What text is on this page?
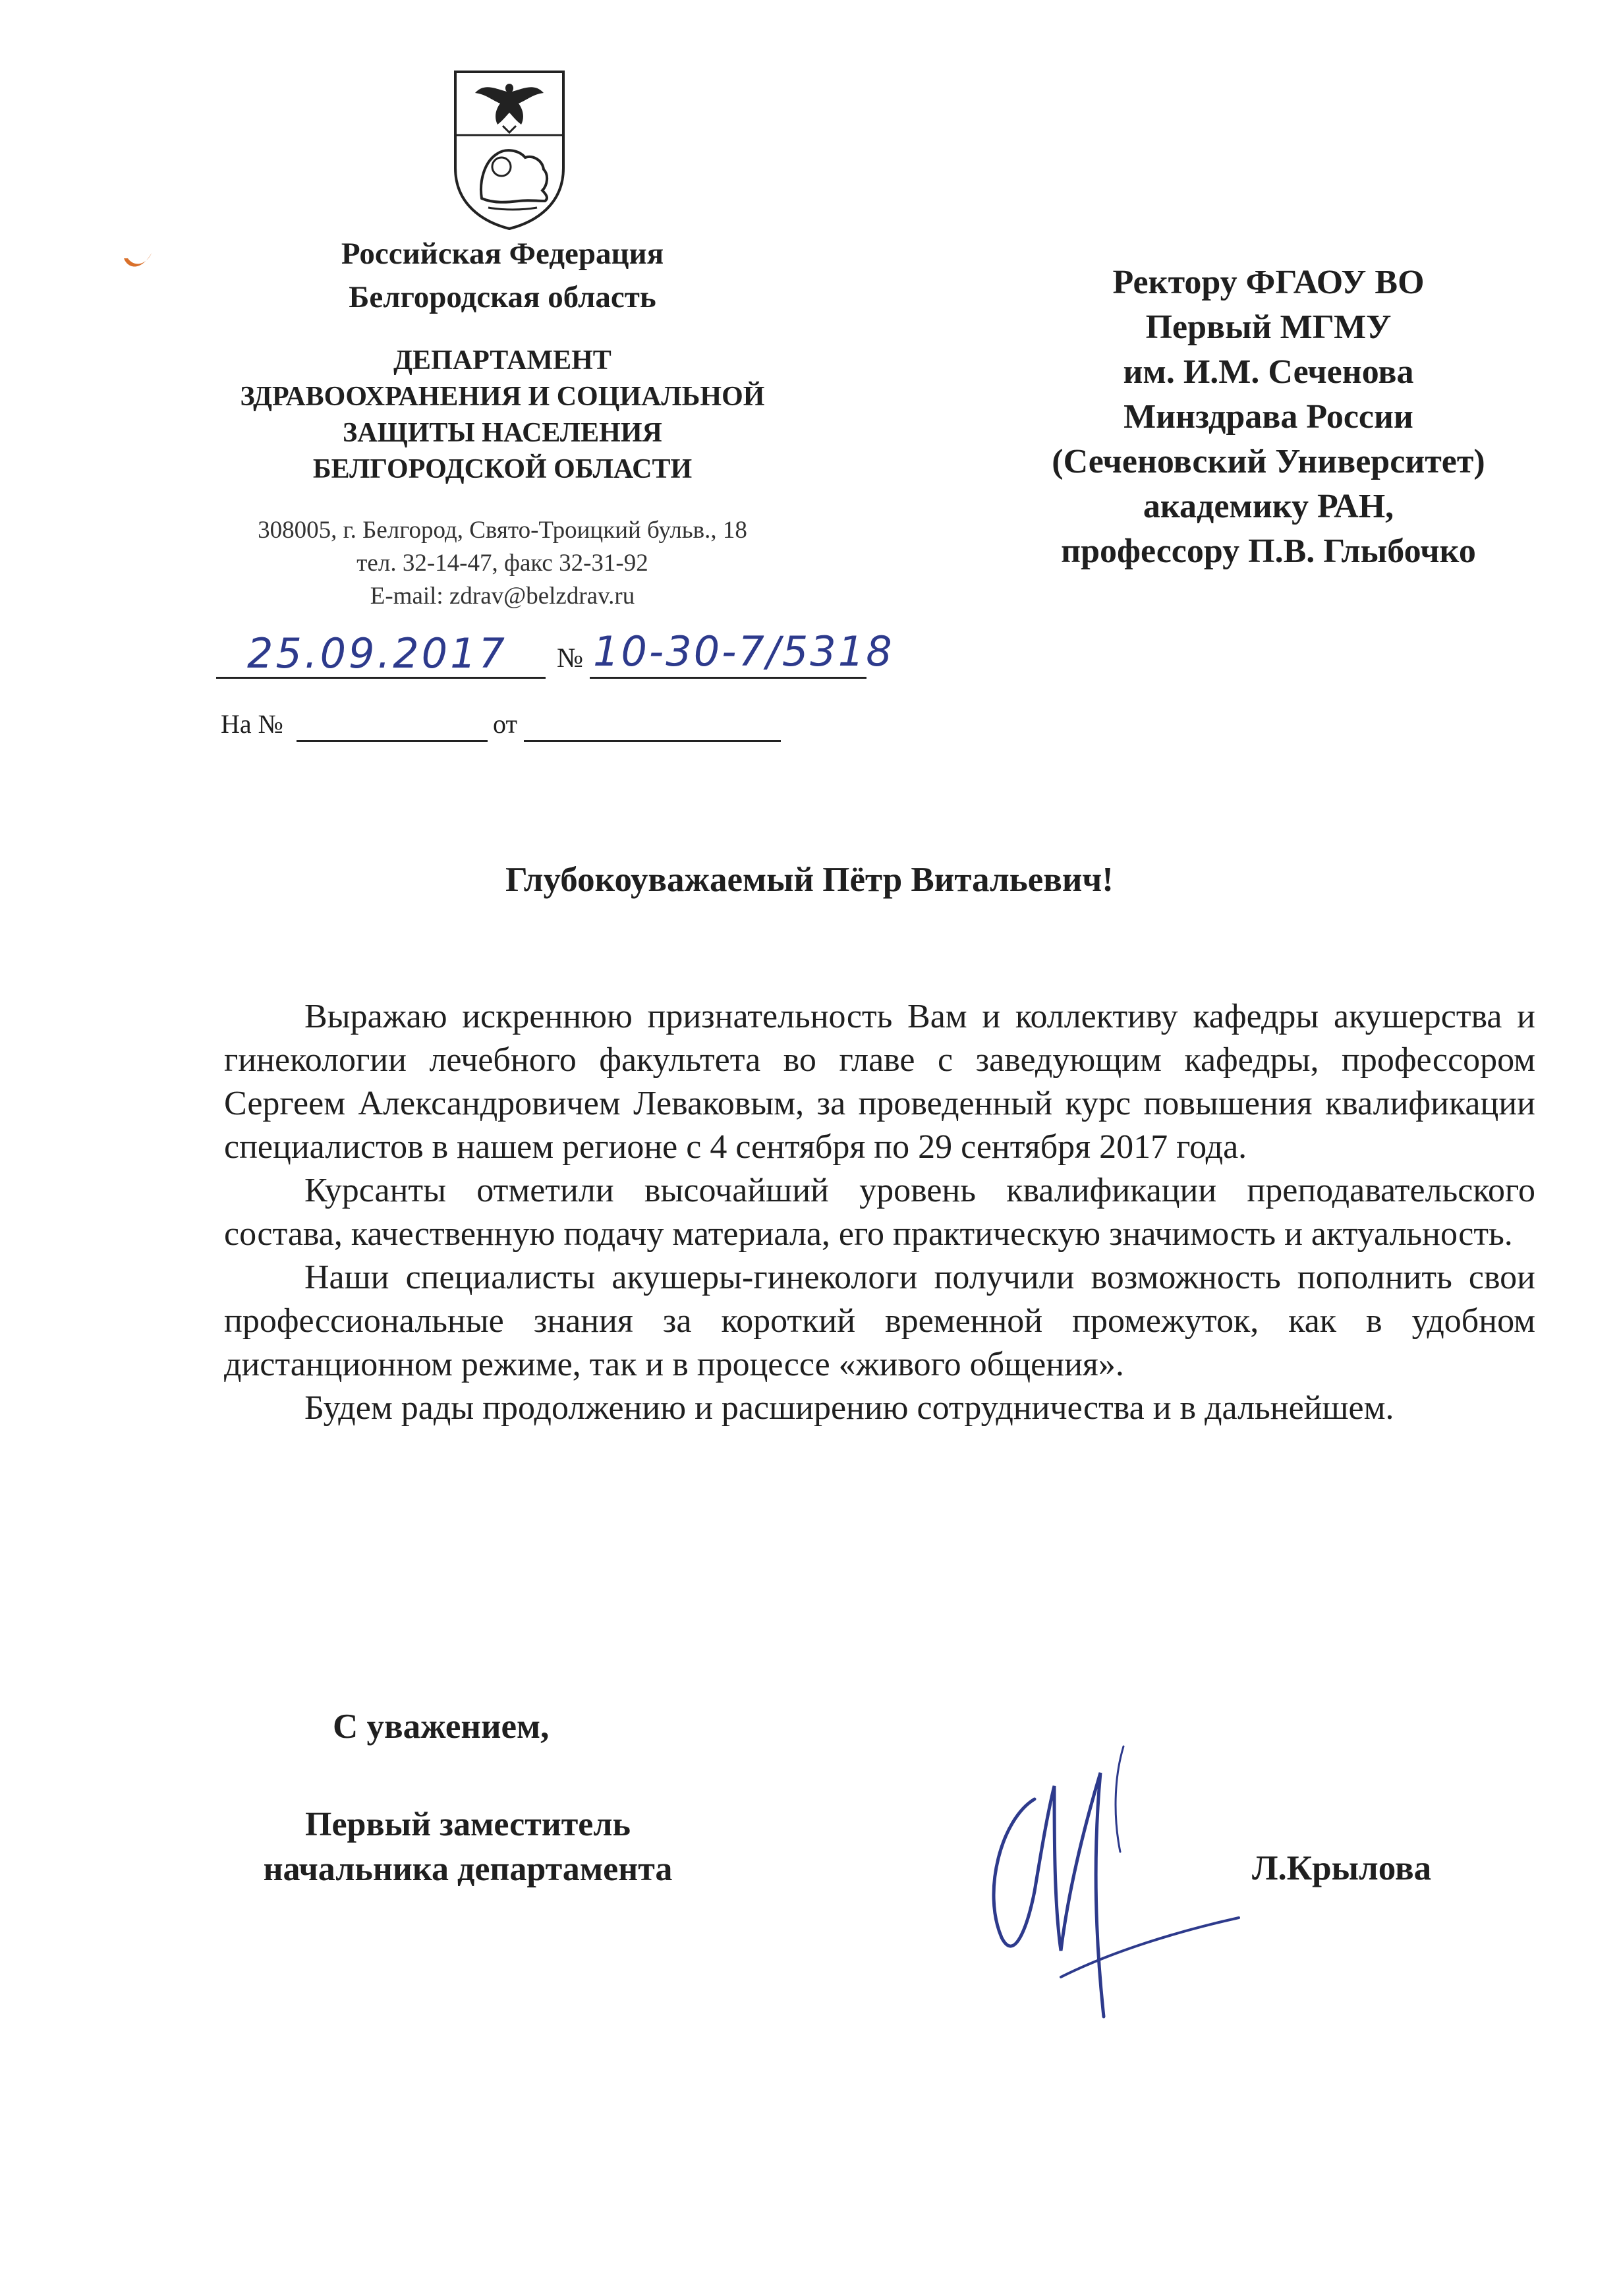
Российская Федерация
Белгородская область
ДЕПАРТАМЕНТ
ЗДРАВООХРАНЕНИЯ И СОЦИАЛЬНОЙ
ЗАЩИТЫ НАСЕЛЕНИЯ
БЕЛГОРОДСКОЙ ОБЛАСТИ
308005, г. Белгород, Свято-Троицкий бульв., 18
тел. 32-14-47, факс 32-31-92
E-mail: zdrav@belzdrav.ru
25.09.2017 № 10-30-7/5318
На №	от
Ректору ФГАОУ ВО
Первый МГМУ
им. И.М. Сеченова
Минздрава России
(Сеченовский Университет)
академику РАН,
профессору П.В. Глыбочко
Глубокоуважаемый Пётр Витальевич!

Выражаю искреннюю признательность Вам и коллективу кафедры акушерства и гинекологии лечебного факультета во главе с заведующим кафедры, профессором Сергеем Александровичем Леваковым, за проведенный курс повышения квалификации специалистов в нашем регионе с 4 сентября по 29 сентября 2017 года.

Курсанты отметили высочайший уровень квалификации преподавательского состава, качественную подачу материала, его практическую значимость и актуальность.

Наши специалисты акушеры-гинекологи получили возможность пополнить свои профессиональные знания за короткий временной промежуток, как в удобном дистанционном режиме, так и в процессе «живого общения».

Будем рады продолжению и расширению сотрудничества и в дальнейшем.

С уважением,
Первый заместитель
начальника департамента	Л.Крылова
